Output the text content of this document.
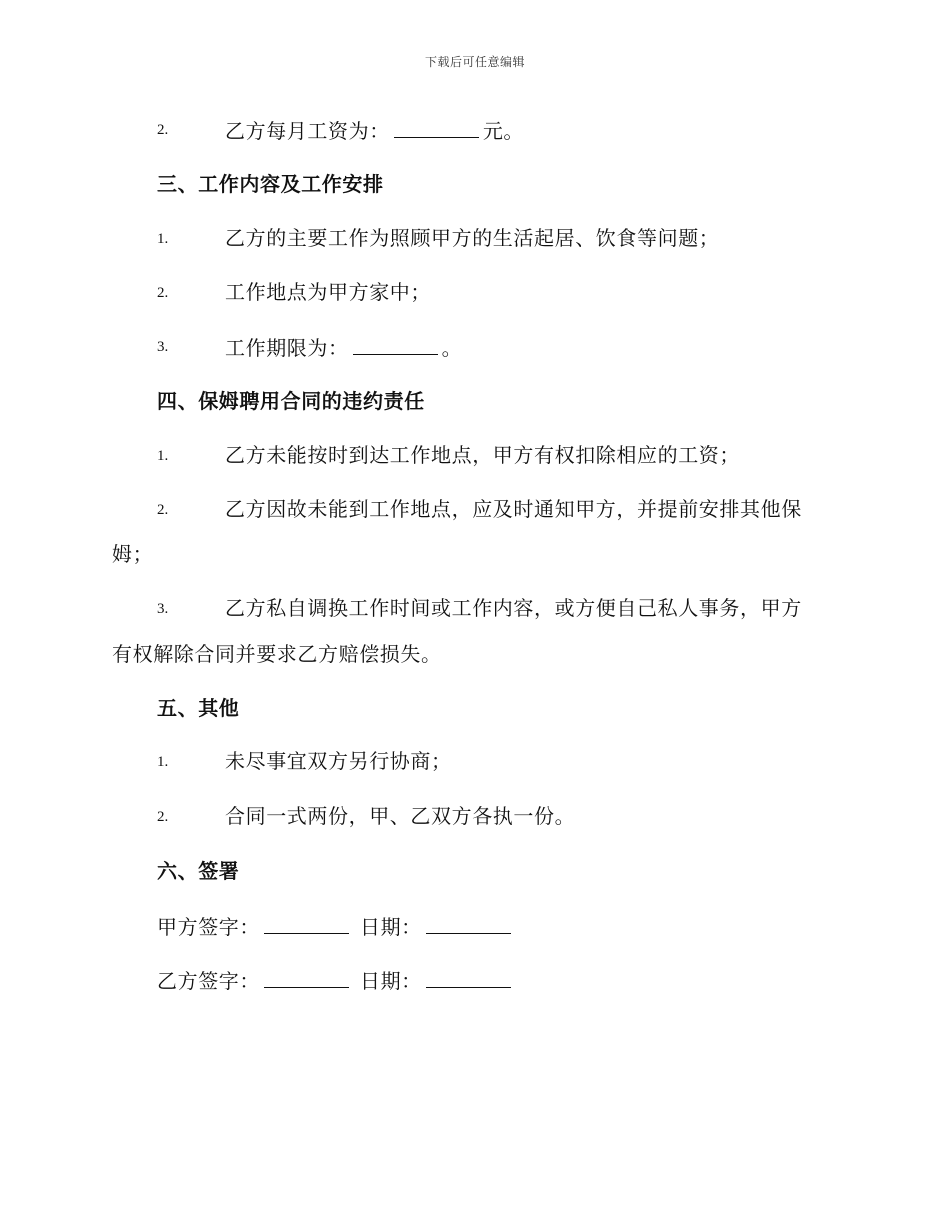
下载后可任意编辑
2.	乙方每月工资为：	元。
三、工作内容及工作安排
1.	乙方的主要工作为照顾甲方的生活起居、饮食等问题；
2.	工作地点为甲方家中；
3.	工作期限为：	。
四、保姆聘用合同的违约责任
1.	乙方未能按时到达工作地点，甲方有权扣除相应的工资；
2.	乙方因故未能到工作地点，应及时通知甲方，并提前安排其他保
姆；
3.	乙方私自调换工作时间或工作内容，或方便自己私人事务，甲方
有权解除合同并要求乙方赔偿损失。
五、其他
1.	未尽事宜双方另行协商；
2.	合同一式两份，甲、乙双方各执一份。
六、签署
甲方签字：	日期：
乙方签字：	日期：
